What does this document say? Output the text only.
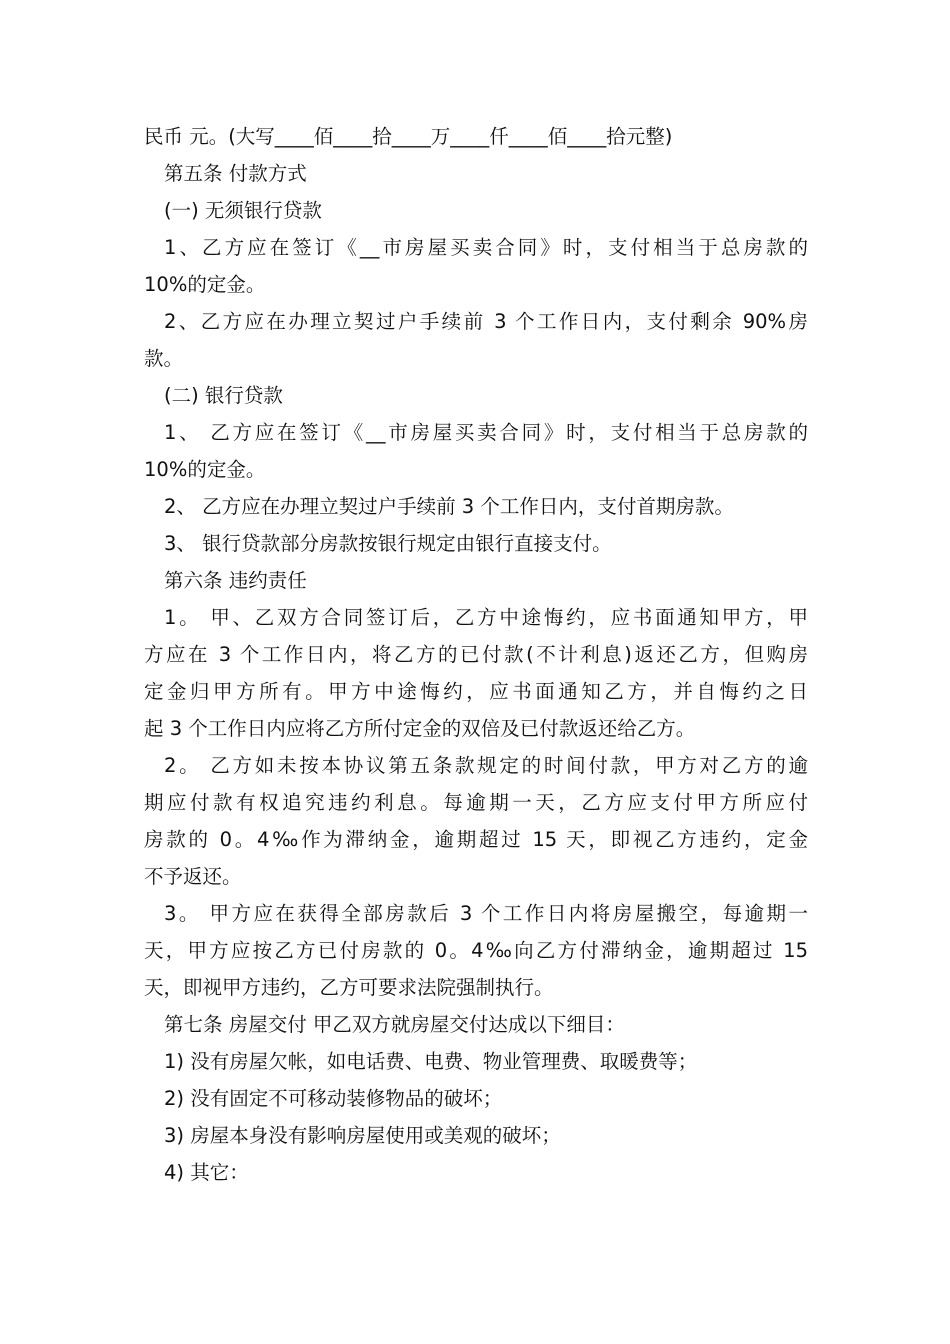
民币 元。(大写____佰____拾____万____仟____佰____拾元整)
第五条 付款方式
(一) 无须银行贷款
1、乙方应在签订《__市房屋买卖合同》时，支付相当于总房款的
10%的定金。
2、乙方应在办理立契过户手续前 3 个工作日内，支付剩余 90%房
款。
(二) 银行贷款
1、 乙方应在签订《__市房屋买卖合同》时，支付相当于总房款的
10%的定金。
2、 乙方应在办理立契过户手续前 3 个工作日内，支付首期房款。
3、 银行贷款部分房款按银行规定由银行直接支付。
第六条 违约责任
1。 甲、乙双方合同签订后，乙方中途悔约，应书面通知甲方，甲
方应在 3 个工作日内，将乙方的已付款(不计利息)返还乙方，但购房
定金归甲方所有。甲方中途悔约，应书面通知乙方，并自悔约之日
起 3 个工作日内应将乙方所付定金的双倍及已付款返还给乙方。
2。 乙方如未按本协议第五条款规定的时间付款，甲方对乙方的逾
期应付款有权追究违约利息。每逾期一天，乙方应支付甲方所应付
房款的 0。4‰作为滞纳金，逾期超过 15 天，即视乙方违约，定金
不予返还。
3。 甲方应在获得全部房款后 3 个工作日内将房屋搬空，每逾期一
天，甲方应按乙方已付房款的 0。4‰向乙方付滞纳金，逾期超过 15
天，即视甲方违约，乙方可要求法院强制执行。
第七条 房屋交付 甲乙双方就房屋交付达成以下细目：
1) 没有房屋欠帐，如电话费、电费、物业管理费、取暖费等；
2) 没有固定不可移动装修物品的破坏；
3) 房屋本身没有影响房屋使用或美观的破坏；
4) 其它：
